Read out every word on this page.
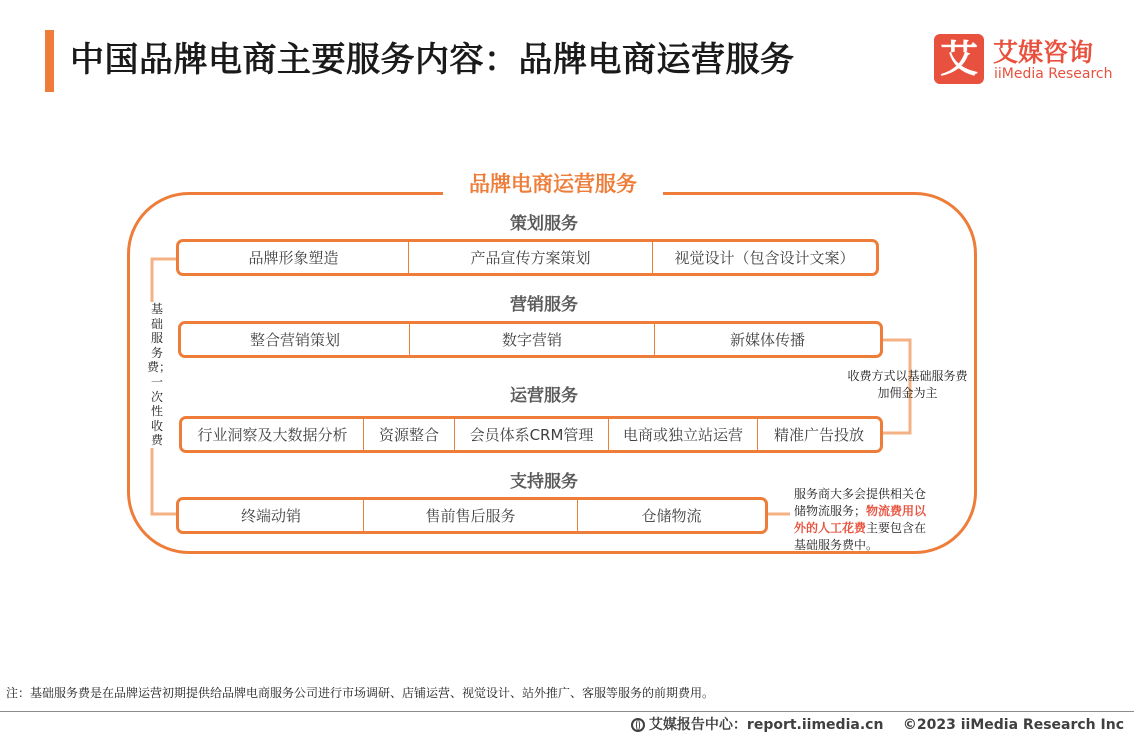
中国品牌电商主要服务内容：品牌电商运营服务	艾 艾媒咨询
iiMedia Research
品牌电商运营服务
策划服务
品牌形象塑造	产品宣传方案策划	视觉设计（包含设计文案）
营销服务
整合营销策划	数字营销	新媒体传播
运营服务
行业洞察及大数据分析	资源整合	会员体系CRM管理	电商或独立站运营	精准广告投放
支持服务
终端动销	售前售后服务	仓储物流
基础服务费；一次性收费
收费方式以基础服务费加佣金为主
服务商大多会提供相关仓储物流服务；物流费用以外的人工花费主要包含在基础服务费中。
注：基础服务费是在品牌运营初期提供给品牌电商服务公司进行市场调研、店铺运营、视觉设计、站外推广、客服等服务的前期费用。
艾媒报告中心：report.iimedia.cn ©2023 iiMedia Research Inc
